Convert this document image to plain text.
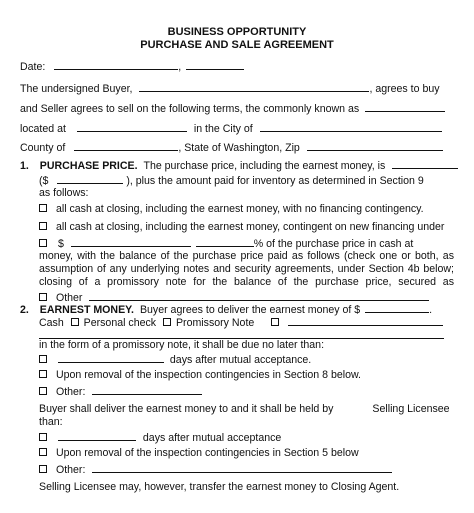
BUSINESS OPPORTUNITY
PURCHASE AND SALE AGREEMENT
Date:	,
The undersigned Buyer,	, agrees to buy
and Seller agrees to sell on the following terms, the commonly known as
located at	in the City of
County of	, State of Washington, Zip
1. PURCHASE PRICE. The purchase price, including the earnest money, is
($	), plus the amount paid for inventory as determined in Section 9
as follows:
all cash at closing, including the earnest money, with no financing contingency.
all cash at closing, including the earnest money, contingent on new financing under
$	% of the purchase price in cash at
money, with the balance of the purchase price paid as follows (check one or both, as
assumption of any underlying notes and security agreements, under Section 4b below;
closing of a promissory note for the balance of the purchase price, secured as
Other
2. EARNEST MONEY. Buyer agrees to deliver the earnest money of $	.
Cash Personal check Promissory Note
in the form of a promissory note, it shall be due no later than:
days after mutual acceptance.
Upon removal of the inspection contingencies in Section 8 below.
Other:
Buyer shall deliver the earnest money to and it shall be held by	Selling Licensee
than:
days after mutual acceptance
Upon removal of the inspection contingencies in Section 5 below
Other:
Selling Licensee may, however, transfer the earnest money to Closing Agent.
